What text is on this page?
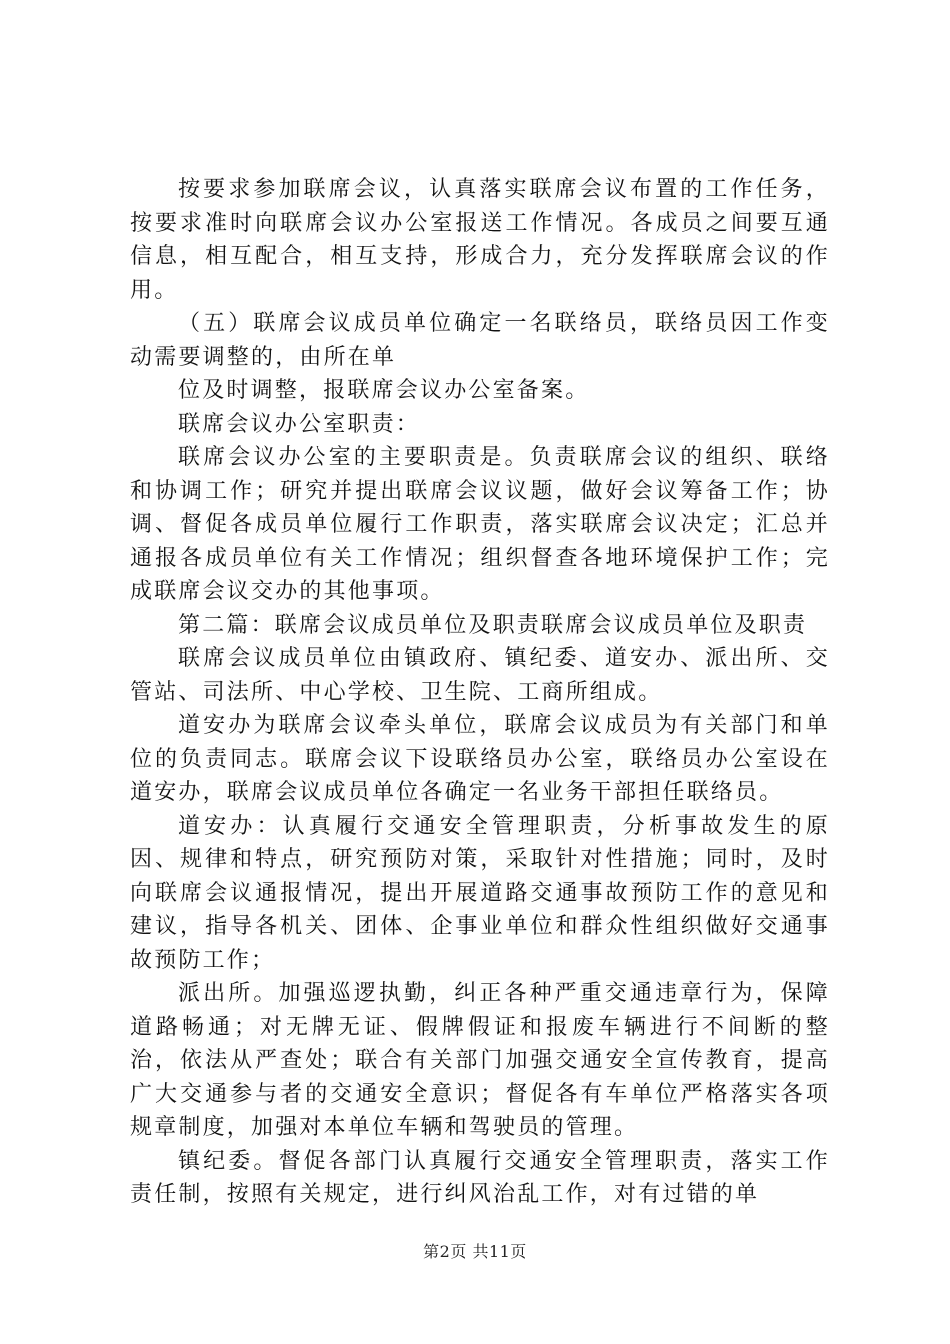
按要求参加联席会议，认真落实联席会议布置的工作任务，按要求准时向联席会议办公室报送工作情况。各成员之间要互通信息，相互配合，相互支持，形成合力，充分发挥联席会议的作用。

（五）联席会议成员单位确定一名联络员，联络员因工作变动需要调整的，由所在单

位及时调整，报联席会议办公室备案。

联席会议办公室职责：

联席会议办公室的主要职责是。负责联席会议的组织、联络和协调工作；研究并提出联席会议议题，做好会议筹备工作；协调、督促各成员单位履行工作职责，落实联席会议决定；汇总并通报各成员单位有关工作情况；组织督查各地环境保护工作；完成联席会议交办的其他事项。

第二篇：联席会议成员单位及职责联席会议成员单位及职责

联席会议成员单位由镇政府、镇纪委、道安办、派出所、交管站、司法所、中心学校、卫生院、工商所组成。

道安办为联席会议牵头单位，联席会议成员为有关部门和单位的负责同志。联席会议下设联络员办公室，联络员办公室设在道安办，联席会议成员单位各确定一名业务干部担任联络员。

道安办：认真履行交通安全管理职责，分析事故发生的原因、规律和特点，研究预防对策，采取针对性措施；同时，及时向联席会议通报情况，提出开展道路交通事故预防工作的意见和建议，指导各机关、团体、企事业单位和群众性组织做好交通事故预防工作；

派出所。加强巡逻执勤，纠正各种严重交通违章行为，保障道路畅通；对无牌无证、假牌假证和报废车辆进行不间断的整治，依法从严查处；联合有关部门加强交通安全宣传教育，提高广大交通参与者的交通安全意识；督促各有车单位严格落实各项规章制度，加强对本单位车辆和驾驶员的管理。

镇纪委。督促各部门认真履行交通安全管理职责，落实工作责任制，按照有关规定，进行纠风治乱工作，对有过错的单

第2页 共11页
